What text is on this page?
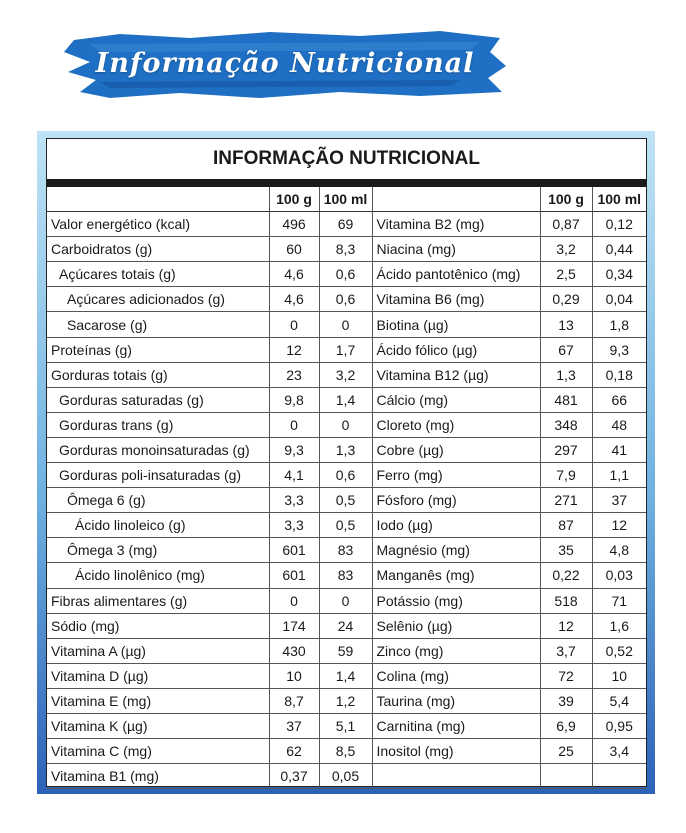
Informação Nutricional
INFORMAÇÃO NUTRICIONAL
	100 g	100 ml		100 g	100 ml
Valor energético (kcal)	496	69	Vitamina B2 (mg)	0,87	0,12
Carboidratos (g)	60	8,3	Niacina (mg)	3,2	0,44
Açúcares totais (g)	4,6	0,6	Ácido pantotênico (mg)	2,5	0,34
Açúcares adicionados (g)	4,6	0,6	Vitamina B6 (mg)	0,29	0,04
Sacarose (g)	0	0	Biotina (µg)	13	1,8
Proteínas (g)	12	1,7	Ácido fólico (µg)	67	9,3
Gorduras totais (g)	23	3,2	Vitamina B12 (µg)	1,3	0,18
Gorduras saturadas (g)	9,8	1,4	Cálcio (mg)	481	66
Gorduras trans (g)	0	0	Cloreto (mg)	348	48
Gorduras monoinsaturadas (g)	9,3	1,3	Cobre (µg)	297	41
Gorduras poli-insaturadas (g)	4,1	0,6	Ferro (mg)	7,9	1,1
Ômega 6 (g)	3,3	0,5	Fósforo (mg)	271	37
Ácido linoleico (g)	3,3	0,5	Iodo (µg)	87	12
Ômega 3 (mg)	601	83	Magnésio (mg)	35	4,8
Ácido linolênico (mg)	601	83	Manganês (mg)	0,22	0,03
Fibras alimentares (g)	0	0	Potássio (mg)	518	71
Sódio (mg)	174	24	Selênio (µg)	12	1,6
Vitamina A (µg)	430	59	Zinco (mg)	3,7	0,52
Vitamina D (µg)	10	1,4	Colina (mg)	72	10
Vitamina E (mg)	8,7	1,2	Taurina (mg)	39	5,4
Vitamina K (µg)	37	5,1	Carnitina (mg)	6,9	0,95
Vitamina C (mg)	62	8,5	Inositol (mg)	25	3,4
Vitamina B1 (mg)	0,37	0,05			
